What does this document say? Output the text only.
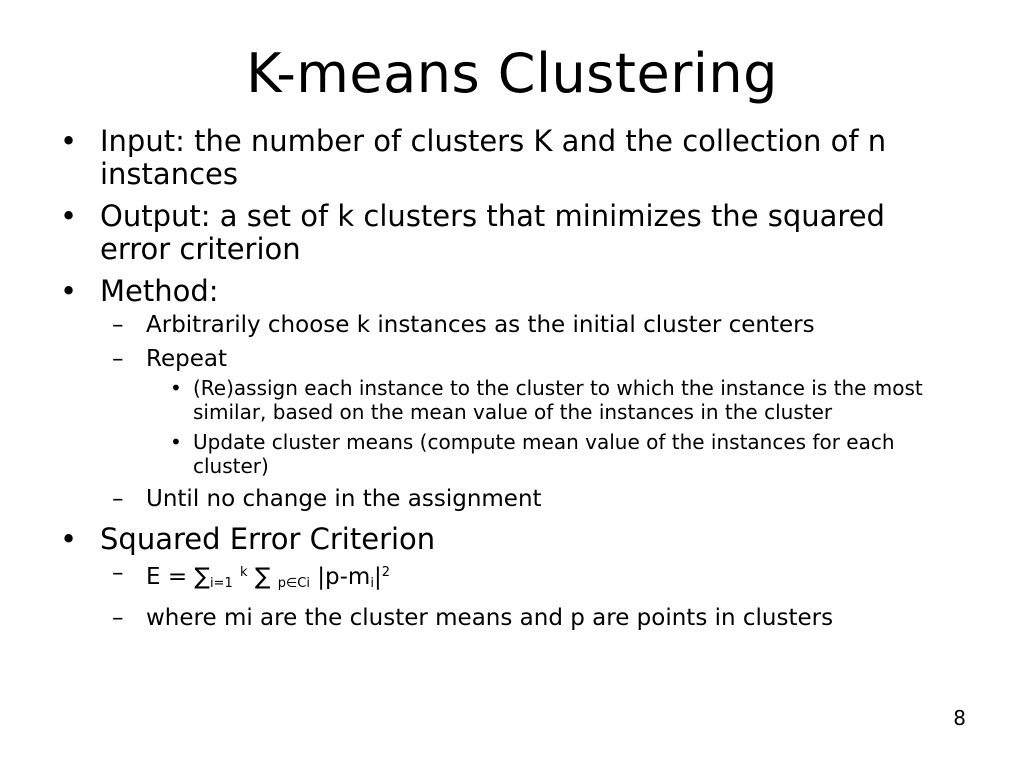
K-means Clustering
• Input: the number of clusters K and the collection of n instances
• Output: a set of k clusters that minimizes the squared error criterion
• Method:
– Arbitrarily choose k instances as the initial cluster centers
– Repeat
• (Re)assign each instance to the cluster to which the instance is the most similar, based on the mean value of the instances in the cluster
• Update cluster means (compute mean value of the instances for each cluster)
– Until no change in the assignment
• Squared Error Criterion
– $E = \sum_{i=1}$ $^k$ ∑ $_{p\in Ci}$ $|p-m_i|^2$
– where mi are the cluster means and p are points in clusters
8
